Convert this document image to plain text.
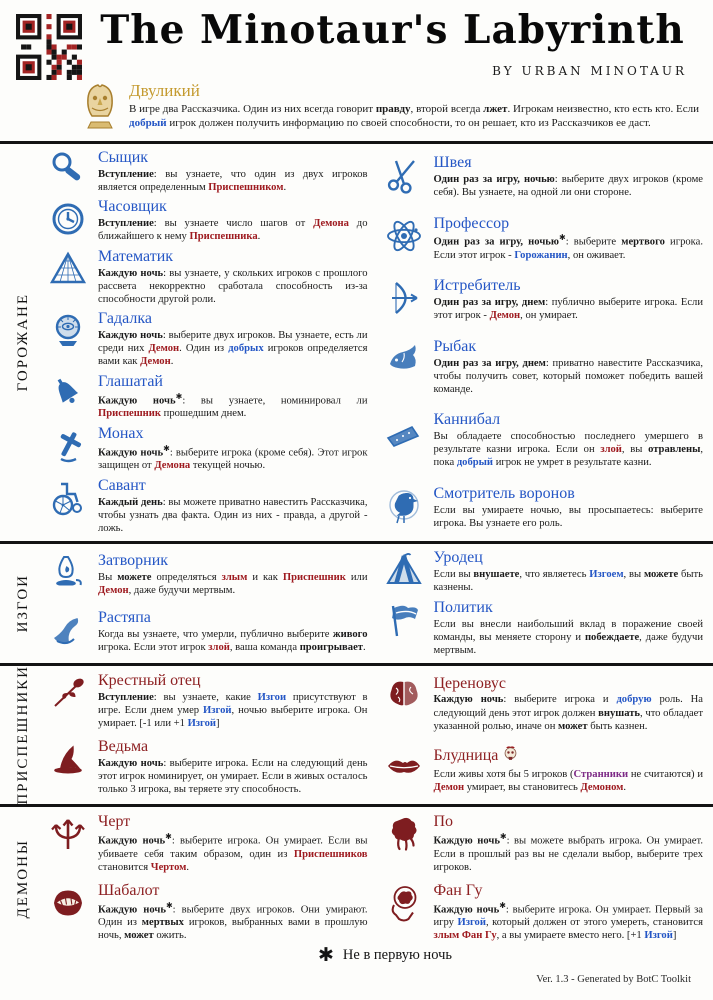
The Minotaur's Labyrinth
BY URBAN MINOTAUR
Двуликий

В игре два Рассказчика. Один из них всегда говорит правду, второй всегда лжет. Игрокам неизвестно, кто есть кто. Если добрый игрок должен получить информацию по своей способности, то он решает, кто из Рассказчиков ее даст.

ГОРОЖАНЕ
Сыщик

Вступление: вы узнаете, что один из двух игроков является определенным Приспешником.

Часовщик

Вступление: вы узнаете число шагов от Демона до ближайшего к нему Приспешника.

Математик

Каждую ночь: вы узнаете, у скольких игроков с прошлого рассвета некорректно сработала способность из-за способности другой роли.

Гадалка

Каждую ночь: выберите двух игроков. Вы узнаете, есть ли среди них Демон. Один из добрых игроков определяется вами как Демон.

Глашатай

Каждую ночь✱: вы узнаете, номинировал ли Приспешник прошедшим днем.

Монах

Каждую ночь✱: выберите игрока (кроме себя). Этот игрок защищен от Демона текущей ночью.

Савант

Каждый день: вы можете приватно навестить Рассказчика, чтобы узнать два факта. Один из них - правда, а другой - ложь.

Швея

Один раз за игру, ночью: выберите двух игроков (кроме себя). Вы узнаете, на одной ли они стороне.

Профессор

Один раз за игру, ночью✱: выберите мертвого игрока. Если этот игрок - Горожанин, он оживает.

Истребитель

Один раз за игру, днем: публично выберите игрока. Если этот игрок - Демон, он умирает.

Рыбак

Один раз за игру, днем: приватно навестите Рассказчика, чтобы получить совет, который поможет победить вашей команде.

Каннибал

Вы обладаете способностью последнего умершего в результате казни игрока. Если он злой, вы отравлены, пока добрый игрок не умрет в результате казни.

Смотритель воронов

Если вы умираете ночью, вы просыпаетесь: выберите игрока. Вы узнаете его роль.

ИЗГОИ
Затворник

Вы можете определяться злым и как Приспешник или Демон, даже будучи мертвым.

Растяпа

Когда вы узнаете, что умерли, публично выберите живого игрока. Если этот игрок злой, ваша команда проигрывает.

Уродец

Если вы внушаете, что являетесь Изгоем, вы можете быть казнены.

Политик

Если вы внесли наибольший вклад в поражение своей команды, вы меняете сторону и побеждаете, даже будучи мертвым.

ПРИСПЕШНИКИ	Крестный отец

Вступление: вы узнаете, какие Изгои присутствуют в игре. Если днем умер Изгой, ночью выберите игрока. Он умирает. [-1 или +1 Изгой]

Ведьма

Каждую ночь: выберите игрока. Если на следующий день этот игрок номинирует, он умирает. Если в живых осталось только 3 игрока, вы теряете эту способность.

Цереновус

Каждую ночь: выберите игрока и добрую роль. На следующий день этот игрок должен внушать, что обладает указанной ролью, иначе он может быть казнен.

Блудница

Если живы хотя бы 5 игроков (Странники не считаются) и Демон умирает, вы становитесь Демоном.

ДЕМОНЫ
Черт

Каждую ночь✱: выберите игрока. Он умирает. Если вы убиваете себя таким образом, один из Приспешников становится Чертом.

Шабалот

Каждую ночь✱: выберите двух игроков. Они умирают. Один из мертвых игроков, выбранных вами в прошлую ночь, может ожить.

По

Каждую ночь✱: вы можете выбрать игрока. Он умирает. Если в прошлый раз вы не сделали выбор, выберите трех игроков.

Фан Гу

Каждую ночь✱: выберите игрока. Он умирает. Первый за игру Изгой, который должен от этого умереть, становится злым Фан Гу, а вы умираете вместо него. [+1 Изгой]

✱ Не в первую ночь
Ver. 1.3 - Generated by BotC Toolkit
